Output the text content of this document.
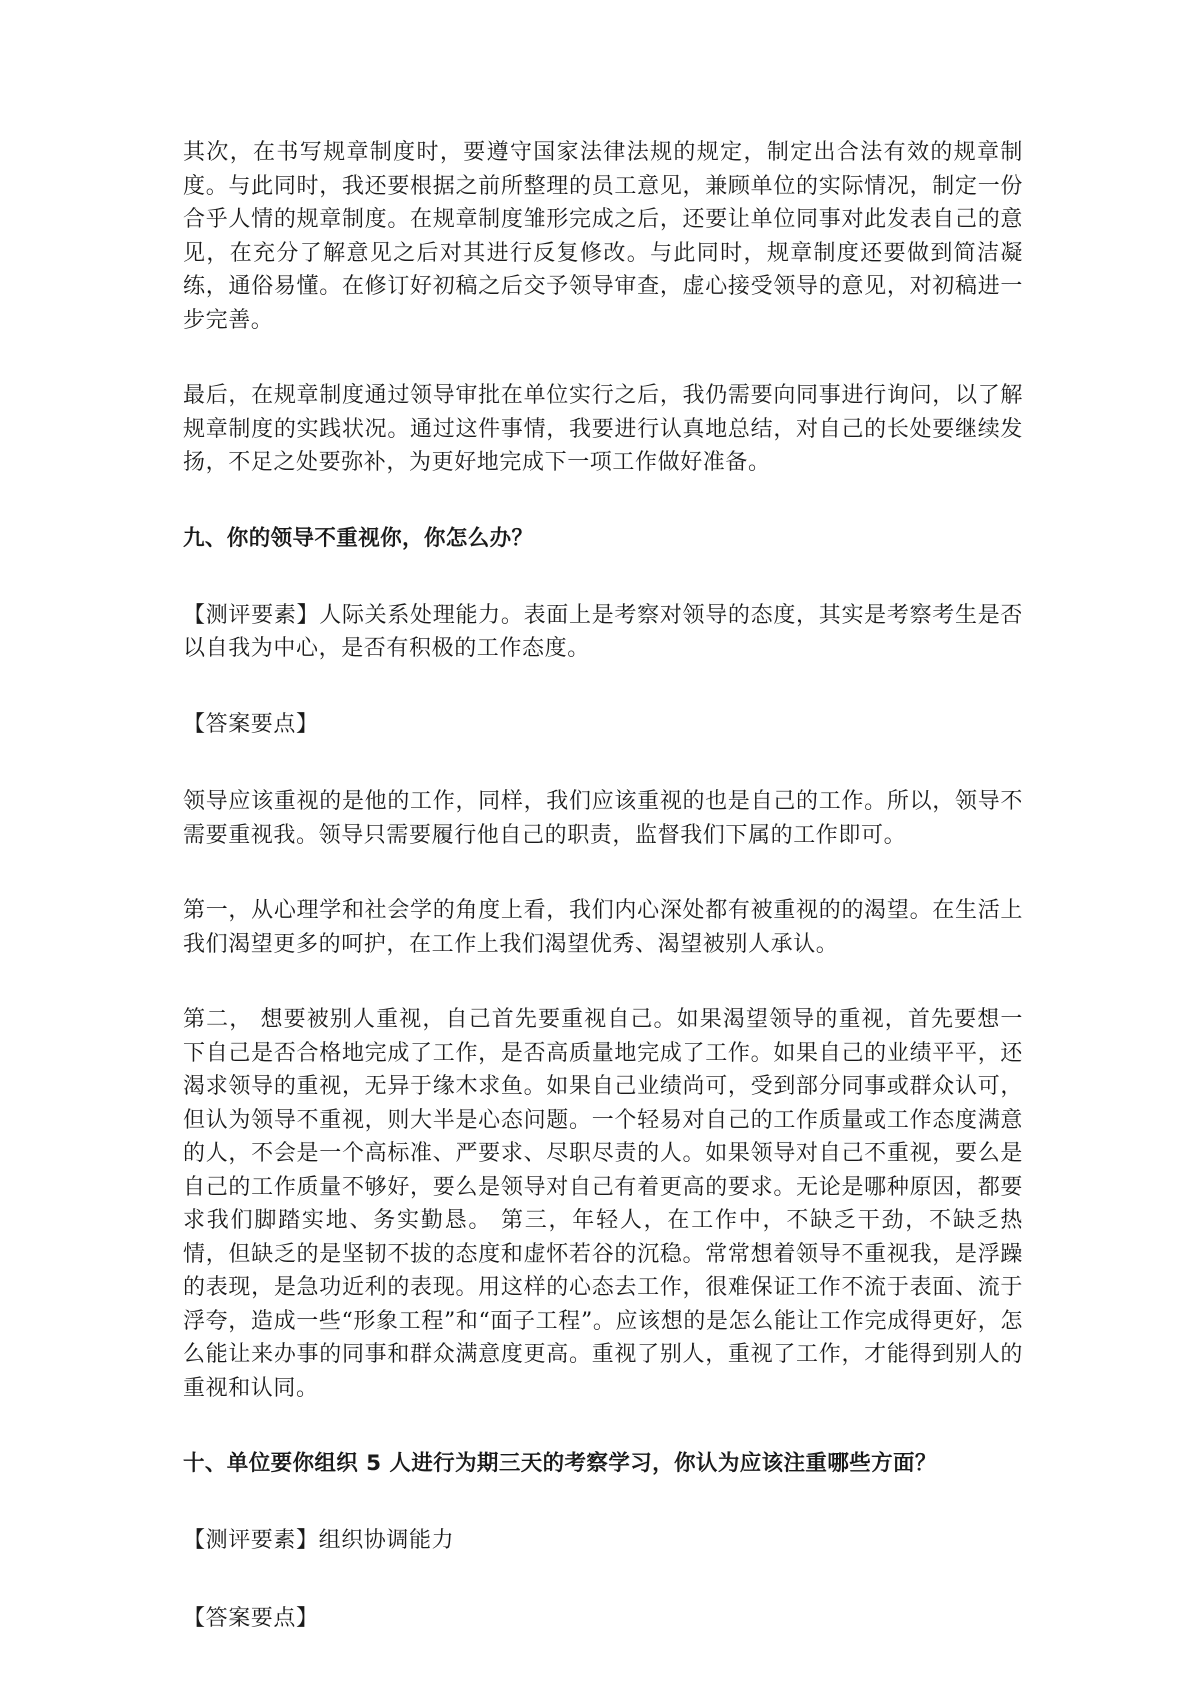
其次，在书写规章制度时，要遵守国家法律法规的规定，制定出合法有效的规章制度。与此同时，我还要根据之前所整理的员工意见，兼顾单位的实际情况，制定一份合乎人情的规章制度。在规章制度雏形完成之后，还要让单位同事对此发表自己的意见，在充分了解意见之后对其进行反复修改。与此同时，规章制度还要做到简洁凝练，通俗易懂。在修订好初稿之后交予领导审查，虚心接受领导的意见，对初稿进一步完善。

最后，在规章制度通过领导审批在单位实行之后，我仍需要向同事进行询问，以了解规章制度的实践状况。通过这件事情，我要进行认真地总结，对自己的长处要继续发扬，不足之处要弥补，为更好地完成下一项工作做好准备。

九、你的领导不重视你，你怎么办？

【测评要素】人际关系处理能力。表面上是考察对领导的态度，其实是考察考生是否以自我为中心，是否有积极的工作态度。

【答案要点】

领导应该重视的是他的工作，同样，我们应该重视的也是自己的工作。所以，领导不需要重视我。领导只需要履行他自己的职责，监督我们下属的工作即可。

第一，从心理学和社会学的角度上看，我们内心深处都有被重视的的渴望。在生活上我们渴望更多的呵护，在工作上我们渴望优秀、渴望被别人承认。

第二， 想要被别人重视，自己首先要重视自己。如果渴望领导的重视，首先要想一下自己是否合格地完成了工作，是否高质量地完成了工作。如果自己的业绩平平，还渴求领导的重视，无异于缘木求鱼。如果自己业绩尚可，受到部分同事或群众认可，但认为领导不重视，则大半是心态问题。一个轻易对自己的工作质量或工作态度满意的人，不会是一个高标准、严要求、尽职尽责的人。如果领导对自己不重视，要么是自己的工作质量不够好，要么是领导对自己有着更高的要求。无论是哪种原因，都要求我们脚踏实地、务实勤恳。 第三，年轻人，在工作中，不缺乏干劲，不缺乏热情，但缺乏的是坚韧不拔的态度和虚怀若谷的沉稳。常常想着领导不重视我，是浮躁的表现，是急功近利的表现。用这样的心态去工作，很难保证工作不流于表面、流于浮夸，造成一些“形象工程”和“面子工程”。应该想的是怎么能让工作完成得更好，怎么能让来办事的同事和群众满意度更高。重视了别人，重视了工作，才能得到别人的重视和认同。

十、单位要你组织 5 人进行为期三天的考察学习，你认为应该注重哪些方面？
【测评要素】组织协调能力
【答案要点】
